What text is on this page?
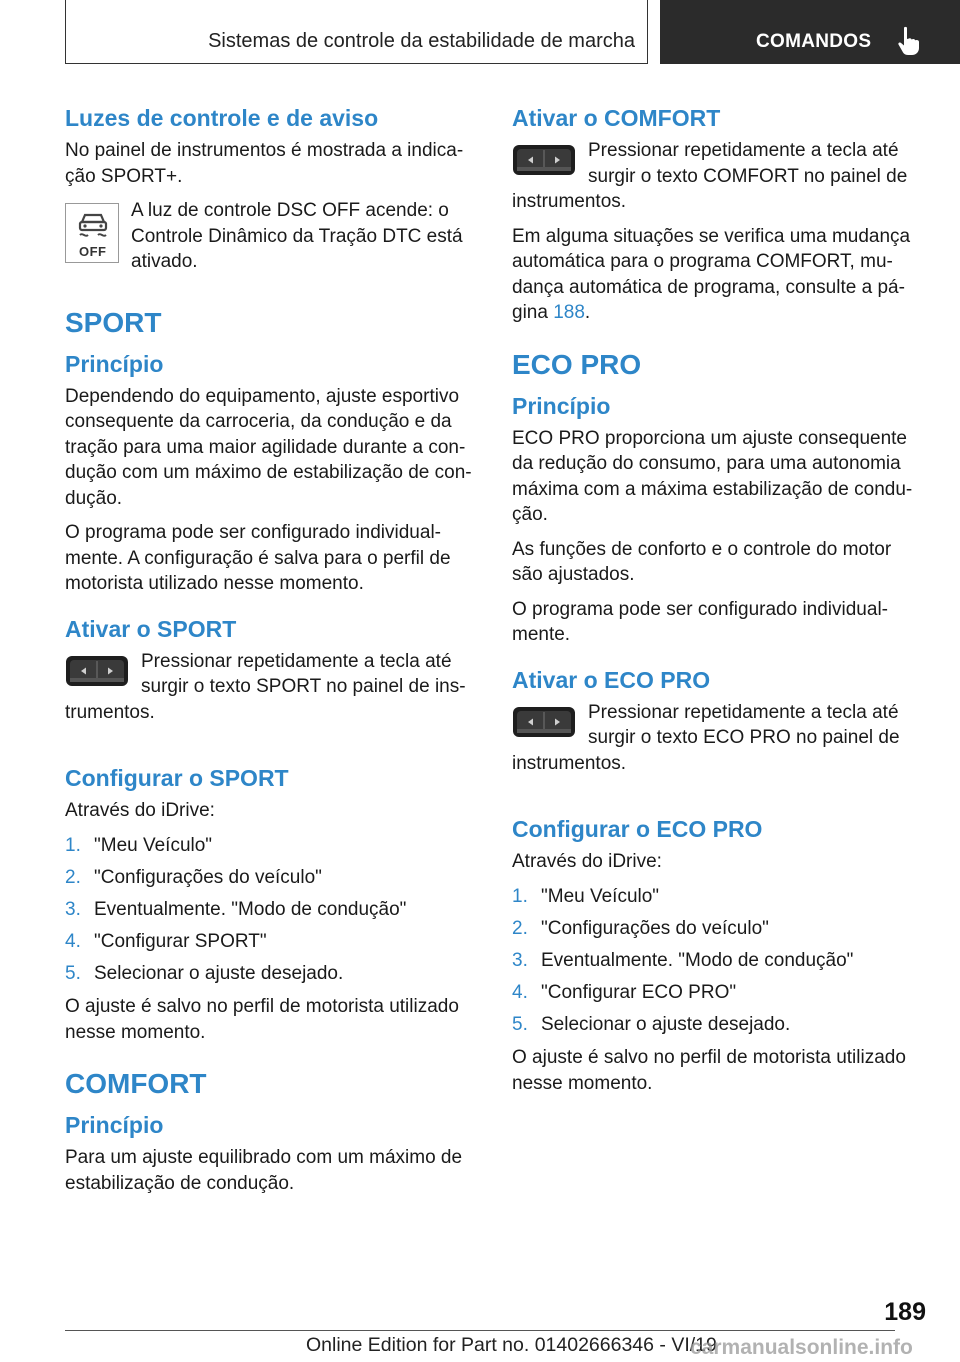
Sistemas de controle da estabilidade de marcha	COMANDOS
Luzes de controle e de aviso

No painel de instrumentos é mostrada a indica-ção SPORT+.

OFF

A luz de controle DSC OFF acende: o Controle Dinâmico da Tração DTC está ativado.

SPORT
Princípio

Dependendo do equipamento, ajuste esportivo consequente da carroceria, da condução e da tração para uma maior agilidade durante a con-dução com um máximo de estabilização de con-dução.

O programa pode ser configurado individual-mente. A configuração é salva para o perfil de motorista utilizado nesse momento.

Ativar o SPORT

Pressionar repetidamente a tecla até surgir o texto SPORT no painel de ins-trumentos.

Configurar o SPORT

Através do iDrive:

1. "Meu Veículo"
2. "Configurações do veículo"
3. Eventualmente. "Modo de condução"
4. "Configurar SPORT"
5. Selecionar o ajuste desejado.

O ajuste é salvo no perfil de motorista utilizado nesse momento.

COMFORT
Princípio

Para um ajuste equilibrado com um máximo de estabilização de condução.

Ativar o COMFORT

Pressionar repetidamente a tecla até surgir o texto COMFORT no painel de instrumentos.

Em alguma situações se verifica uma mudança automática para o programa COMFORT, mu-dança automática de programa, consulte a pá-gina 188.

ECO PRO
Princípio

ECO PRO proporciona um ajuste consequente da redução do consumo, para uma autonomia máxima com a máxima estabilização de condu-ção.

As funções de conforto e o controle do motor são ajustados.

O programa pode ser configurado individual-mente.

Ativar o ECO PRO

Pressionar repetidamente a tecla até surgir o texto ECO PRO no painel de instrumentos.

Configurar o ECO PRO

Através do iDrive:

1. "Meu Veículo"
2. "Configurações do veículo"
3. Eventualmente. "Modo de condução"
4. "Configurar ECO PRO"
5. Selecionar o ajuste desejado.

O ajuste é salvo no perfil de motorista utilizado nesse momento.

189
Online Edition for Part no. 01402666346 - VI/19
carmanualsonline.info
